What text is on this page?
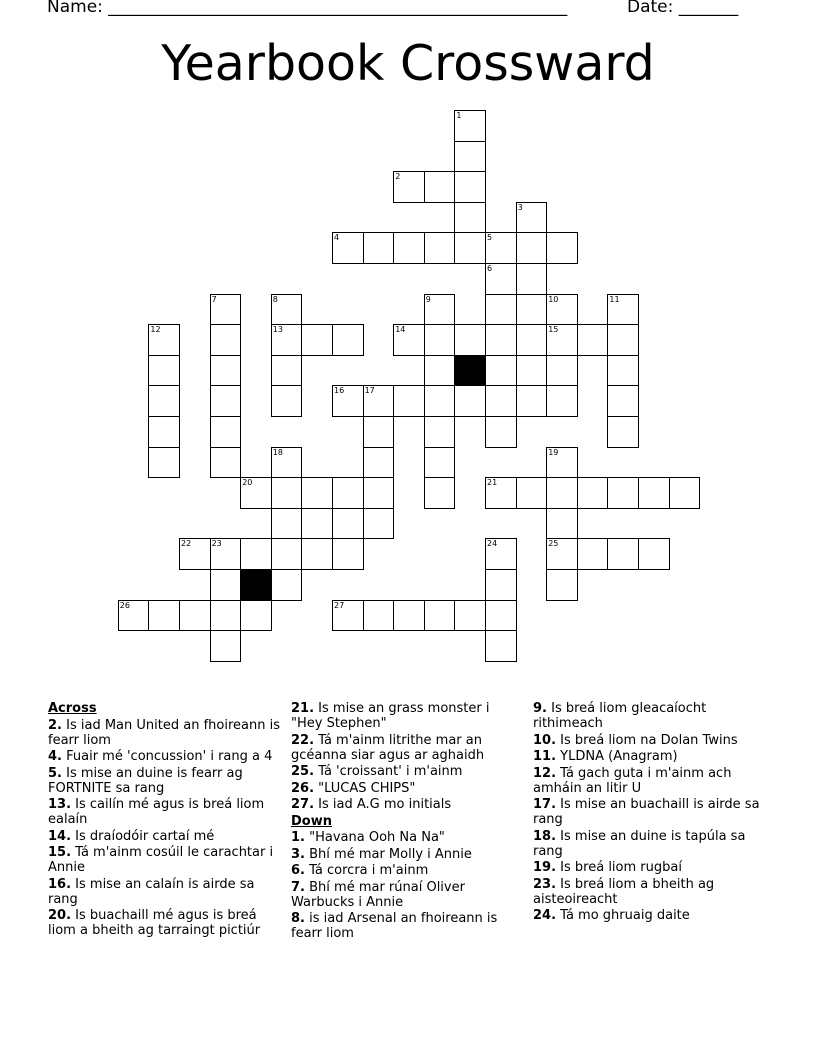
Name: ______________________________________________________	Date: _______
Yearbook Crossward
1
2
3
4	5
6
7	8	9	10	11
12	13	14	15
16	17
18	19
20	21
22	23	24	25
26	27
Across
2. Is iad Man United an fhoireann is fearr liom
4. Fuair mé 'concussion' i rang a 4
5. Is mise an duine is fearr ag FORTNITE sa rang
13. Is cailín mé agus is breá liom ealaín
14. Is draíodóir cartaí mé
15. Tá m'ainm cosúil le carachtar i Annie
16. Is mise an calaín is airde sa rang
20. Is buachaill mé agus is breá liom a bheith ag tarraingt pictiúr
21. Is mise an grass monster i "Hey Stephen"
22. Tá m'ainm litrithe mar an gcéanna siar agus ar aghaidh
25. Tá 'croissant' i m'ainm
26. "LUCAS CHIPS"
27. Is iad A.G mo initials
Down
1. "Havana Ooh Na Na"
3. Bhí mé mar Molly i Annie
6. Tá corcra i m'ainm
7. Bhí mé mar rúnaí Oliver Warbucks i Annie
8. is iad Arsenal an fhoireann is fearr liom
9. Is breá liom gleacaíocht rithimeach
10. Is breá liom na Dolan Twins
11. YLDNA (Anagram)
12. Tá gach guta i m'ainm ach amháin an litir U
17. Is mise an buachaill is airde sa rang
18. Is mise an duine is tapúla sa rang
19. Is breá liom rugbaí
23. Is breá liom a bheith ag aisteoireacht
24. Tá mo ghruaig daite
